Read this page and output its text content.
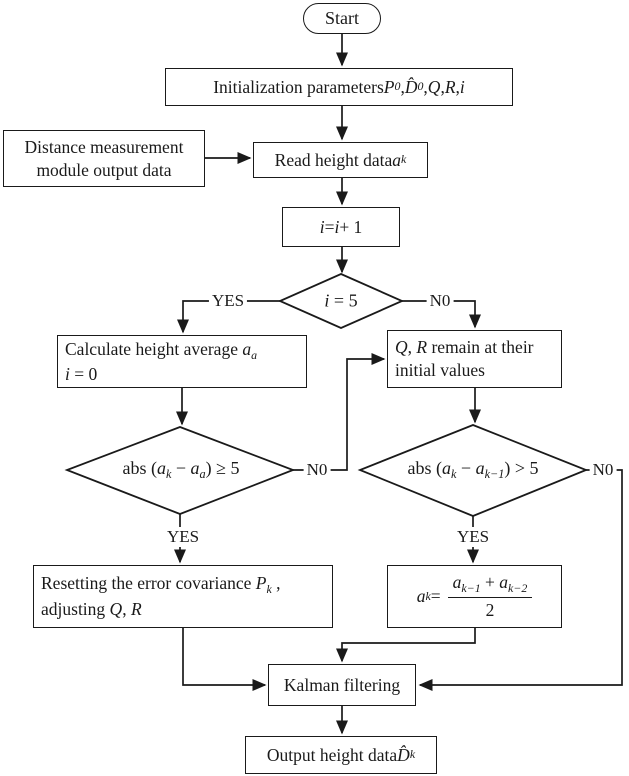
Start
Initialization parameters P 0 , D̂ 0 , Q , R , i
Distance measurement
module output data	Read height data a k
i = i + 1
i = 5
Calculate height average $a_a$
i = 0
Q, R remain at their
initial values
abs $(a_k - a_a) \ge 5$	abs $(a_k - a_{k-1}) > 5$
Resetting the error covariance $P_k$ ,
adjusting Q, R
a $k = \frac{a_{k-1} + a_{k-2}}{2}$
Kalman filtering
Output height data D̂ k
YES	N0
N0
YES	YES
N0
